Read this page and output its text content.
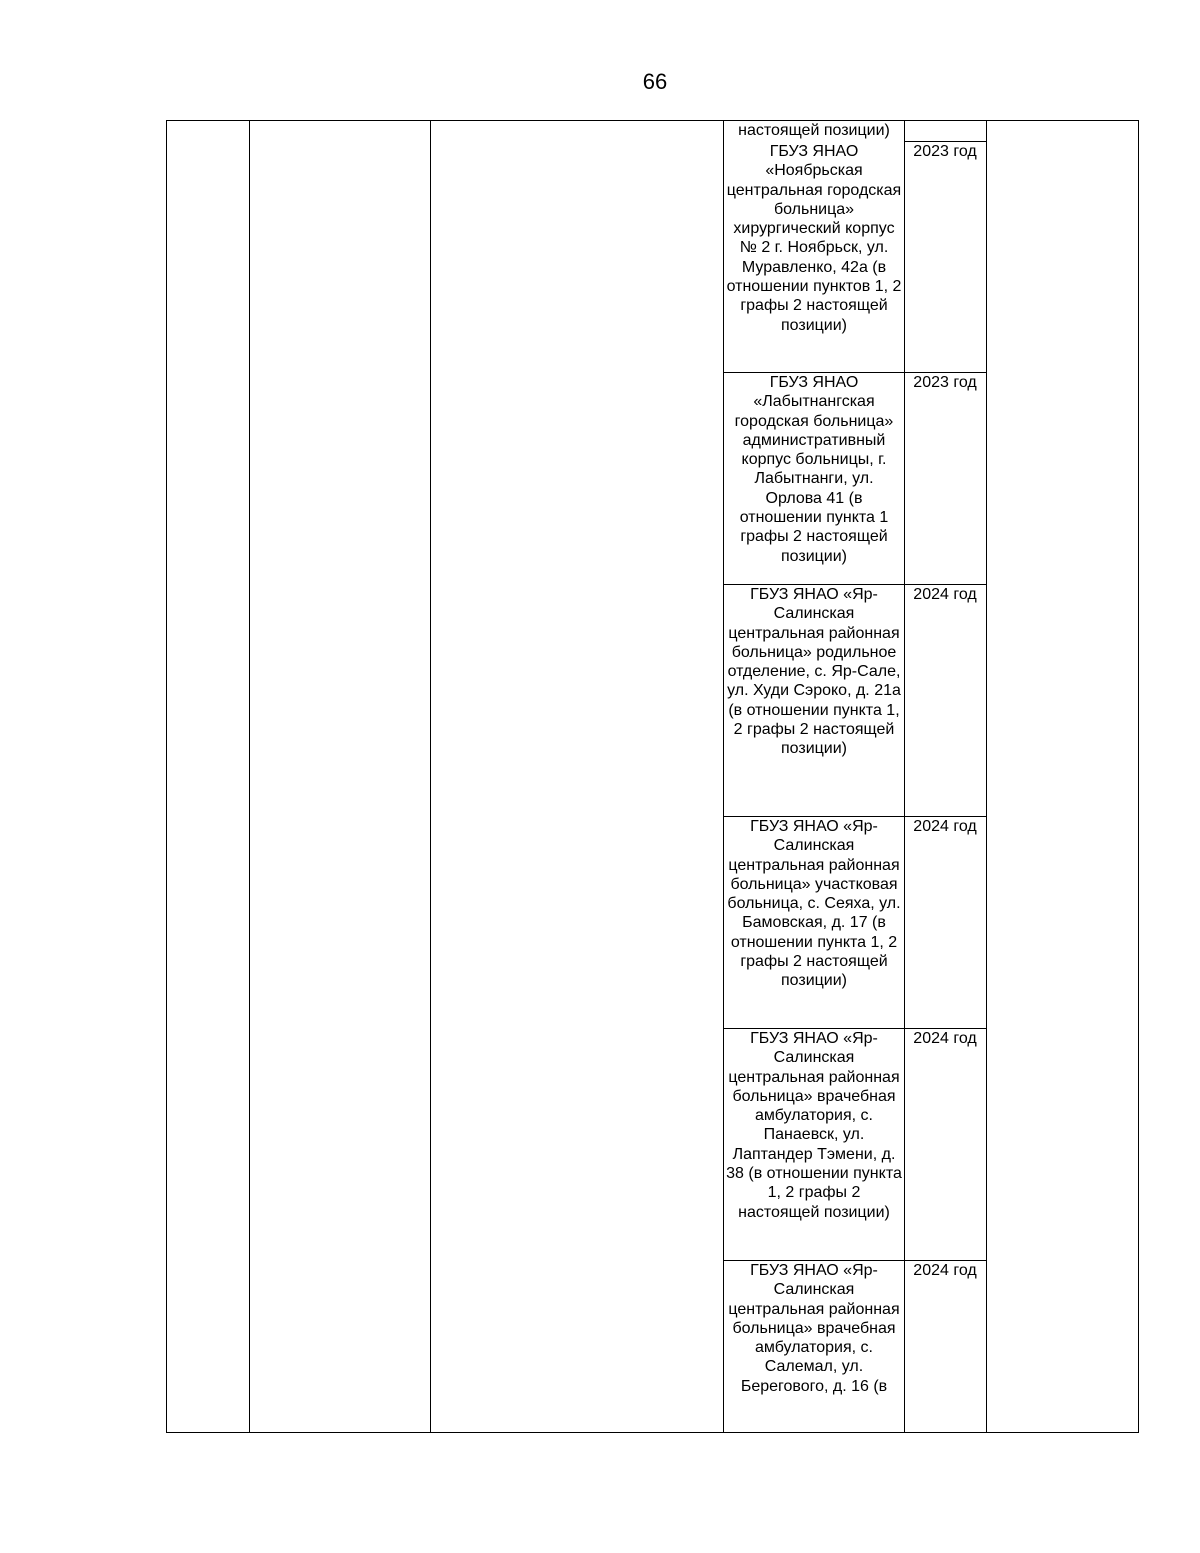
66
настоящей позиции)
ГБУЗ ЯНАО «Ноябрьская центральная городская больница» хирургический корпус № 2 г. Ноябрьск, ул. Муравленко, 42а (в отношении пунктов 1, 2 графы 2 настоящей позиции)
2023 год
ГБУЗ ЯНАО «Лабытнангская городская больница» административный корпус больницы, г. Лабытнанги, ул. Орлова 41 (в отношении пункта 1 графы 2 настоящей позиции)
2023 год
ГБУЗ ЯНАО «Яр-Салинская центральная районная больница» родильное отделение, с. Яр-Сале, ул. Худи Сэроко, д. 21а (в отношении пункта 1, 2 графы 2 настоящей позиции)
2024 год
ГБУЗ ЯНАО «Яр-Салинская центральная районная больница» участковая больница, с. Сеяха, ул. Бамовская, д. 17 (в отношении пункта 1, 2 графы 2 настоящей позиции)
2024 год
ГБУЗ ЯНАО «Яр-Салинская центральная районная больница» врачебная амбулатория, с. Панаевск, ул. Лаптандер Тэмени, д. 38 (в отношении пункта 1, 2 графы 2 настоящей позиции)
2024 год
ГБУЗ ЯНАО «Яр-Салинская центральная районная больница» врачебная амбулатория, с. Салемал, ул. Берегового, д. 16 (в
2024 год
